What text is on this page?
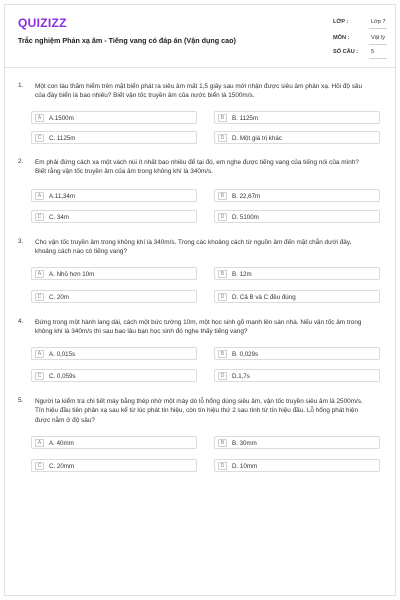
QUIZIZZ
Trắc nghiệm Phản xạ âm - Tiếng vang có đáp án (Vận dụng cao)
LỚP :	Lớp 7
MÔN :	Vật lý
SỐ CÂU : 5
1. Một con tàu thăm hiểm trên mặt biển phát ra siêu âm mất 1,5 giây sau mới nhận được siêu âm phản xạ. Hỏi độ sâu
của đáy biển là bao nhiêu? Biết vận tốc truyền âm của nước biển là 1500m/s.
A	A.1500m	B	B. 1125m
C	C. 1125m	D	D. Một giá trị khác
2. Em phải đứng cách xa một vách núi ít nhất bao nhiêu để tại đó, em nghe được tiếng vang của tiếng nói của mình?
Biết rằng vận tốc truyền âm của âm trong không khí là 340m/s.
A	A.11,34m	B	B. 22,67m
C	C. 34m	D	D. 5100m
3. Cho vận tốc truyền âm trong không khí là 340m/s. Trong các khoảng cách từ nguồn âm đến mặt chắn dưới đây,
khoảng cách nào có tiếng vang?
A	A. Nhỏ hơn 10m	B	B. 12m
C	C. 20m	D	D. Cả B và C đều đúng
4. Đứng trong một hành lang dài, cách một bức tường 10m, một học sinh gõ mạnh lên sàn nhà. Nếu vận tốc âm trong
không khí là 340m/s thì sau bao lâu bạn học sinh đó nghe thấy tiếng vang?
A	A. 0,015s	B	B. 0,029s
C	C. 0,059s	D	D.1,7s
5. Người ta kiểm tra chi tiết máy bằng thép nhờ một máy dò lỗ hổng dùng siêu âm, vận tốc truyền siêu âm là 2500m/s.
Tín hiệu đầu tiên phản xạ sau kể từ lúc phát tín hiệu, còn tín hiệu thứ 2 sau tính từ tín hiệu đầu. Lỗ hổng phát hiện
được nằm ở độ sâu?
A	A. 40mm	B	B. 30mm
C	C. 20mm	D	D. 10mm
